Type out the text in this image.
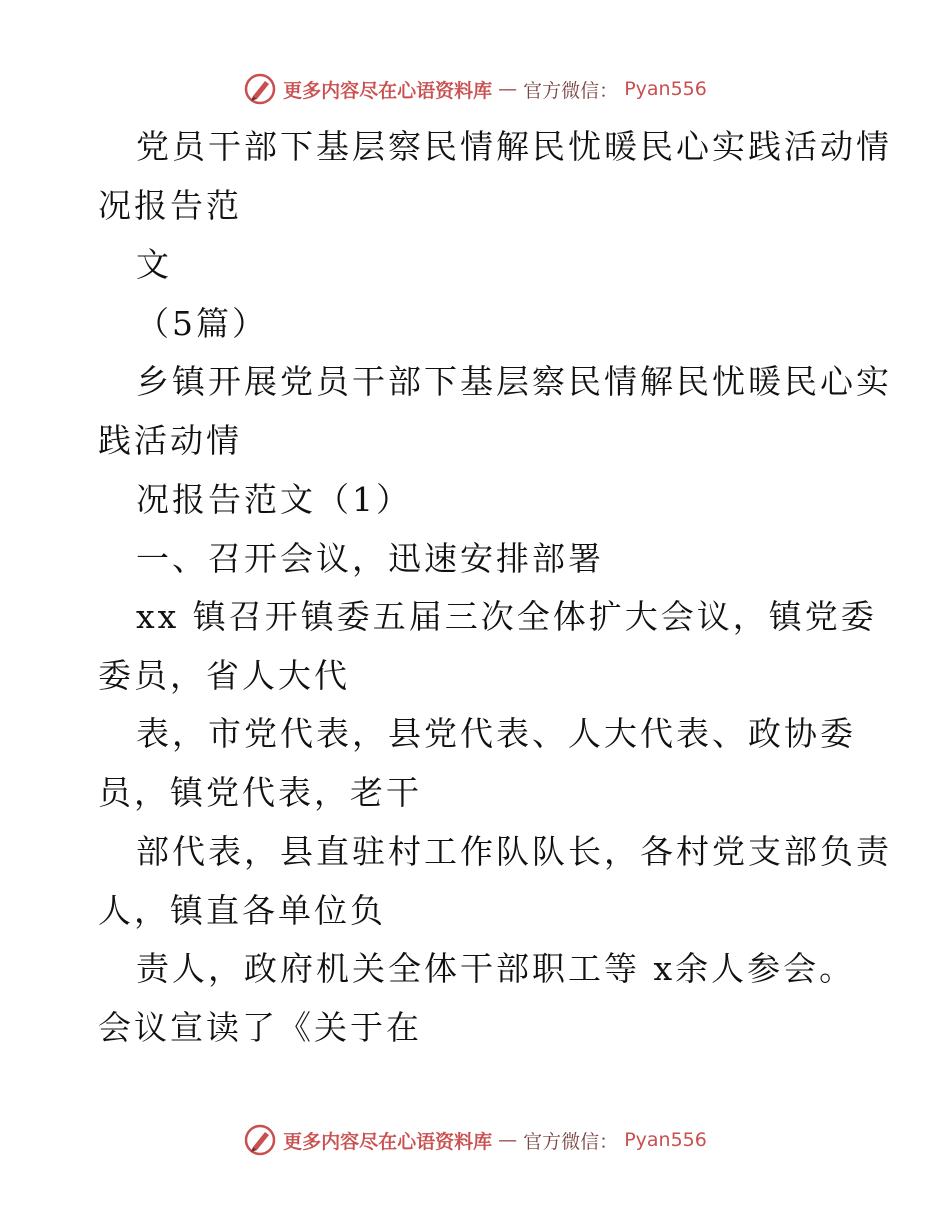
更多内容尽在心语资料库 — 官方微信： Pyan556
党员干部下基层察民情解民忧暖民心实践活动情
况报告范
文
（5篇）
乡镇开展党员干部下基层察民情解民忧暖民心实
践活动情
况报告范文（1）
一、召开会议，迅速安排部署
xx 镇召开镇委五届三次全体扩大会议，镇党委
委员，省人大代
表，市党代表，县党代表、人大代表、政协委
员，镇党代表，老干
部代表，县直驻村工作队队长，各村党支部负责
人，镇直各单位负
责人，政府机关全体干部职工等 x余人参会。
会议宣读了《关于在
更多内容尽在心语资料库 — 官方微信： Pyan556
